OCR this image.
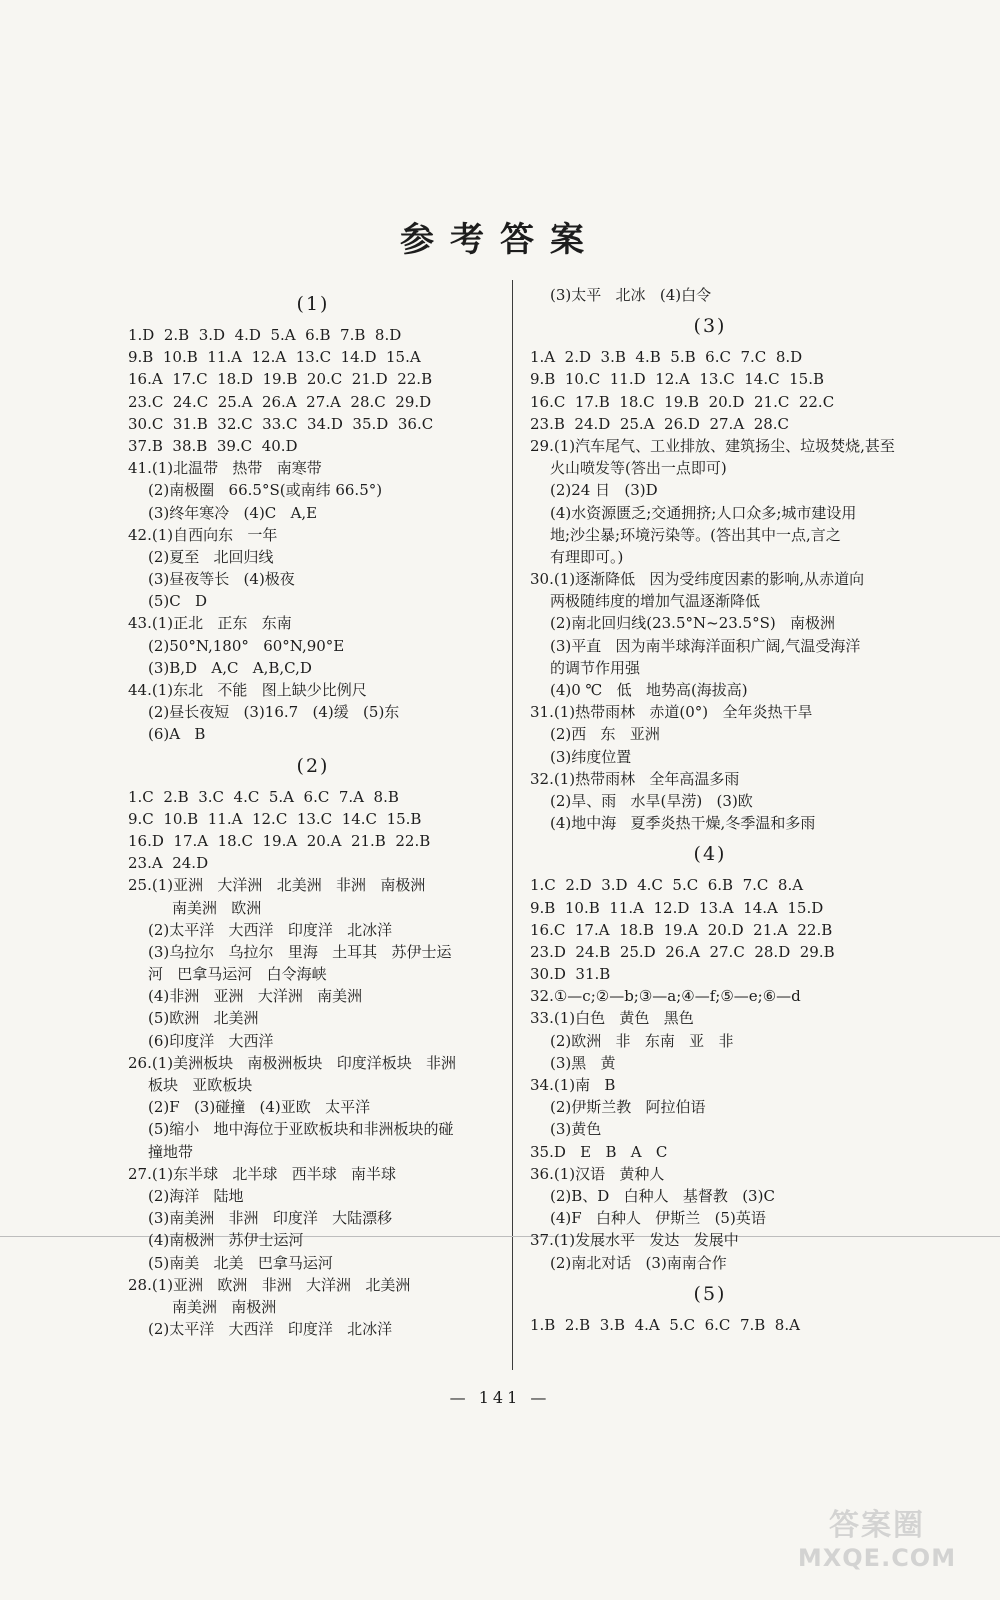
参考答案
(1)
1.D  2.B  3.D  4.D  5.A  6.B  7.B  8.D
9.B  10.B  11.A  12.A  13.C  14.D  15.A
16.A  17.C  18.D  19.B  20.C  21.D  22.B
23.C  24.C  25.A  26.A  27.A  28.C  29.D
30.C  31.B  32.C  33.C  34.D  35.D  36.C
37.B  38.B  39.C  40.D
41.(1)北温带   热带   南寒带
(2)南极圈   66.5°S(或南纬 66.5°)
(3)终年寒冷   (4)C   A,E
42.(1)自西向东   一年
(2)夏至   北回归线
(3)昼夜等长   (4)极夜
(5)C   D
43.(1)正北   正东   东南
(2)50°N,180°   60°N,90°E
(3)B,D   A,C   A,B,C,D
44.(1)东北   不能   图上缺少比例尺
(2)昼长夜短   (3)16.7   (4)缓   (5)东
(6)A   B
(2)
1.C  2.B  3.C  4.C  5.A  6.C  7.A  8.B
9.C  10.B  11.A  12.C  13.C  14.C  15.B
16.D  17.A  18.C  19.A  20.A  21.B  22.B
23.A  24.D
25.(1)亚洲   大洋洲   北美洲   非洲   南极洲
南美洲   欧洲
(2)太平洋   大西洋   印度洋   北冰洋
(3)乌拉尔   乌拉尔   里海   土耳其   苏伊士运
河   巴拿马运河   白令海峡
(4)非洲   亚洲   大洋洲   南美洲
(5)欧洲   北美洲
(6)印度洋   大西洋
26.(1)美洲板块   南极洲板块   印度洋板块   非洲
板块   亚欧板块
(2)F   (3)碰撞   (4)亚欧   太平洋
(5)缩小   地中海位于亚欧板块和非洲板块的碰
撞地带
27.(1)东半球   北半球   西半球   南半球
(2)海洋   陆地
(3)南美洲   非洲   印度洋   大陆漂移
(4)南极洲   苏伊士运河
(5)南美   北美   巴拿马运河
28.(1)亚洲   欧洲   非洲   大洋洲   北美洲
南美洲   南极洲
(2)太平洋   大西洋   印度洋   北冰洋
(3)太平   北冰   (4)白令
(3)
1.A  2.D  3.B  4.B  5.B  6.C  7.C  8.D
9.B  10.C  11.D  12.A  13.C  14.C  15.B
16.C  17.B  18.C  19.B  20.D  21.C  22.C
23.B  24.D  25.A  26.D  27.A  28.C
29.(1)汽车尾气、工业排放、建筑扬尘、垃圾焚烧,甚至
火山喷发等(答出一点即可)
(2)24 日   (3)D
(4)水资源匮乏;交通拥挤;人口众多;城市建设用
地;沙尘暴;环境污染等。(答出其中一点,言之
有理即可。)
30.(1)逐渐降低   因为受纬度因素的影响,从赤道向
两极随纬度的增加气温逐渐降低
(2)南北回归线(23.5°N~23.5°S)   南极洲
(3)平直   因为南半球海洋面积广阔,气温受海洋
的调节作用强
(4)0 ℃   低   地势高(海拔高)
31.(1)热带雨林   赤道(0°)   全年炎热干旱
(2)西   东   亚洲
(3)纬度位置
32.(1)热带雨林   全年高温多雨
(2)旱、雨   水旱(旱涝)   (3)欧
(4)地中海   夏季炎热干燥,冬季温和多雨
(4)
1.C  2.D  3.D  4.C  5.C  6.B  7.C  8.A
9.B  10.B  11.A  12.D  13.A  14.A  15.D
16.C  17.A  18.B  19.A  20.D  21.A  22.B
23.D  24.B  25.D  26.A  27.C  28.D  29.B
30.D  31.B
32.①—c;②—b;③—a;④—f;⑤—e;⑥—d
33.(1)白色   黄色   黑色
(2)欧洲   非   东南   亚   非
(3)黑   黄
34.(1)南   B
(2)伊斯兰教   阿拉伯语
(3)黄色
35.D   E   B   A   C
36.(1)汉语   黄种人
(2)B、D   白种人   基督教   (3)C
(4)F   白种人   伊斯兰   (5)英语
37.(1)发展水平   发达   发展中
(2)南北对话   (3)南南合作
(5)
1.B  2.B  3.B  4.A  5.C  6.C  7.B  8.A
— 141 —
答案圈
MXQE.COM
